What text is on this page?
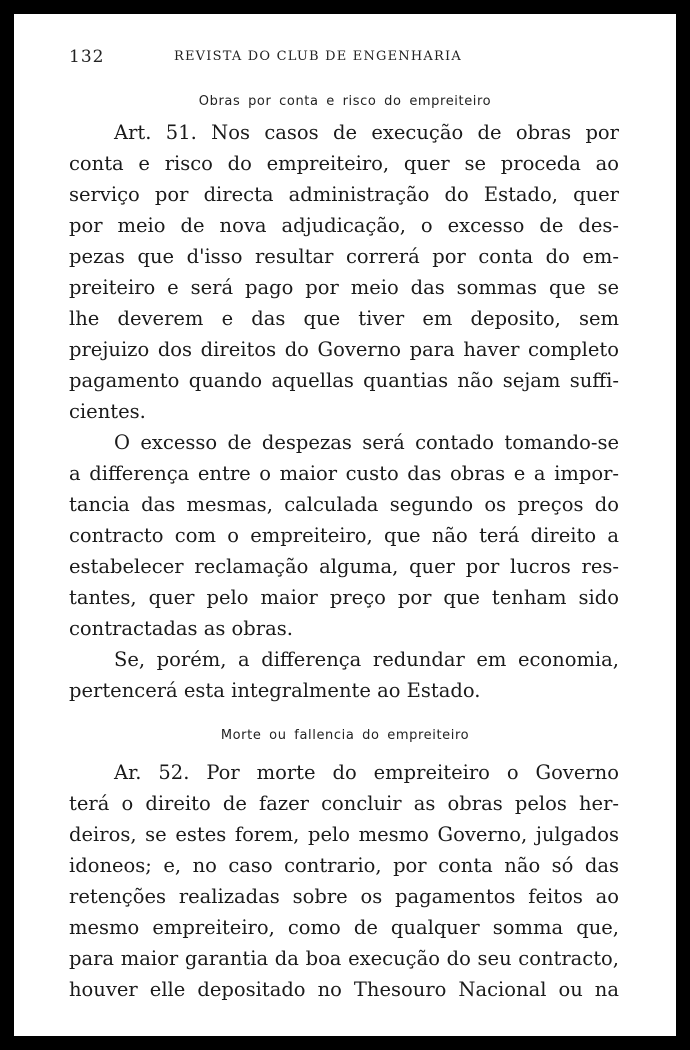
132	REVISTA DO CLUB DE ENGENHARIA
Obras por conta e risco do empreiteiro
Art. 51. Nos casos de execução de obras por
conta e risco do empreiteiro, quer se proceda ao
serviço por directa administração do Estado, quer
por meio de nova adjudicação, o excesso de des-
pezas que d'isso resultar correrá por conta do em-
preiteiro e será pago por meio das sommas que se
lhe deverem e das que tiver em deposito, sem
prejuizo dos direitos do Governo para haver completo
pagamento quando aquellas quantias não sejam suffi-
cientes.
O excesso de despezas será contado tomando-se
a differença entre o maior custo das obras e a impor-
tancia das mesmas, calculada segundo os preços do
contracto com o empreiteiro, que não terá direito a
estabelecer reclamação alguma, quer por lucros res-
tantes, quer pelo maior preço por que tenham sido
contractadas as obras.
Se, porém, a differença redundar em economia,
pertencerá esta integralmente ao Estado.
Morte ou fallencia do empreiteiro
Ar. 52. Por morte do empreiteiro o Governo
terá o direito de fazer concluir as obras pelos her-
deiros, se estes forem, pelo mesmo Governo, julgados
idoneos; e, no caso contrario, por conta não só das
retenções realizadas sobre os pagamentos feitos ao
mesmo empreiteiro, como de qualquer somma que,
para maior garantia da boa execução do seu contracto,
houver elle depositado no Thesouro Nacional ou na
